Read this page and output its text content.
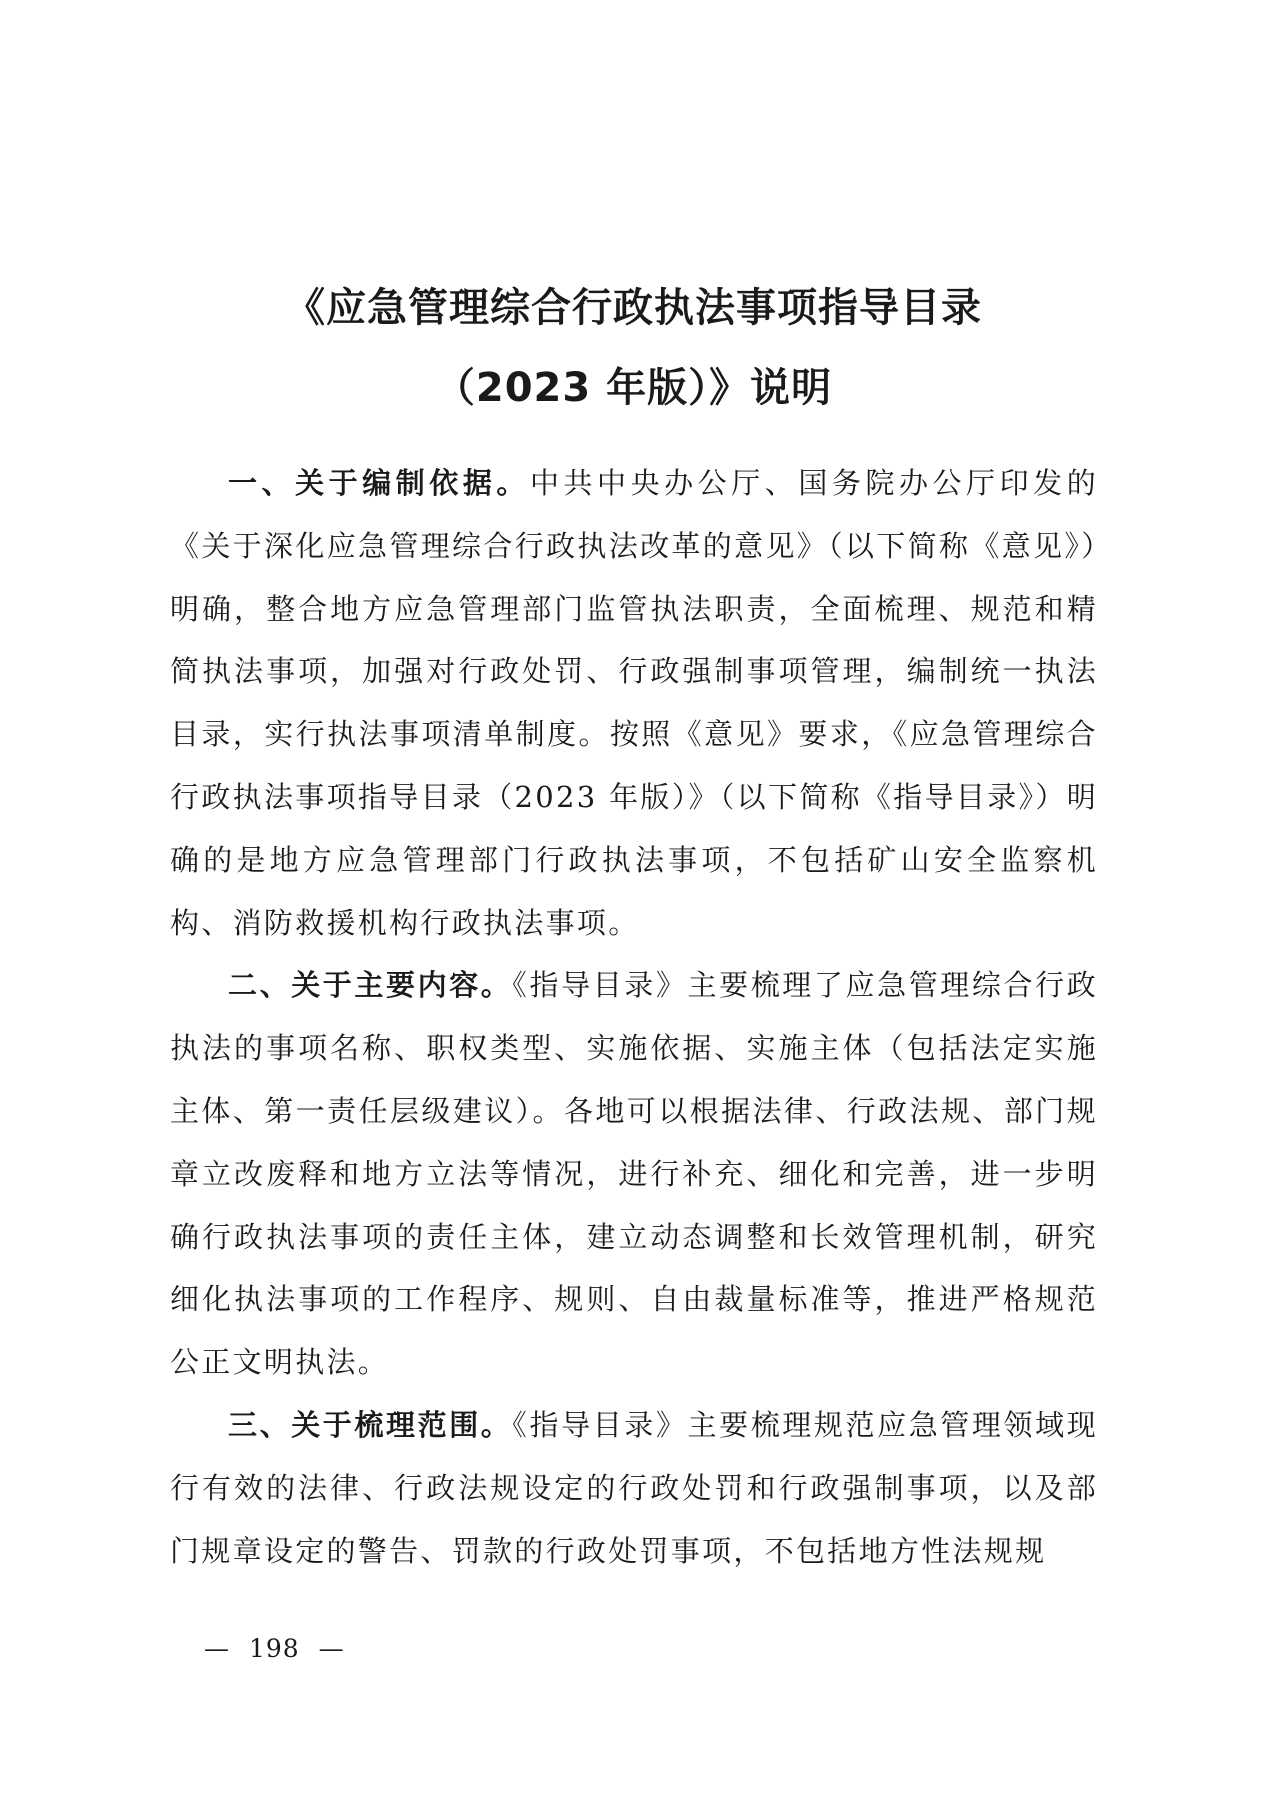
《应急管理综合行政执法事项指导目录
（2023 年版）》说明

一、关于编制依据。中共中央办公厅、国务院办公厅印发的《关于深化应急管理综合行政执法改革的意见》（以下简称《意见》）明确，整合地方应急管理部门监管执法职责，全面梳理、规范和精简执法事项，加强对行政处罚、行政强制事项管理，编制统一执法目录，实行执法事项清单制度。按照《意见》要求，《应急管理综合行政执法事项指导目录（2023 年版）》（以下简称《指导目录》）明确的是地方应急管理部门行政执法事项，不包括矿山安全监察机构、消防救援机构行政执法事项。

二、关于主要内容。《指导目录》主要梳理了应急管理综合行政执法的事项名称、职权类型、实施依据、实施主体（包括法定实施主体、第一责任层级建议）。各地可以根据法律、行政法规、部门规章立改废释和地方立法等情况，进行补充、细化和完善，进一步明确行政执法事项的责任主体，建立动态调整和长效管理机制，研究细化执法事项的工作程序、规则、自由裁量标准等，推进严格规范公正文明执法。

三、关于梳理范围。《指导目录》主要梳理规范应急管理领域现行有效的法律、行政法规设定的行政处罚和行政强制事项，以及部门规章设定的警告、罚款的行政处罚事项，不包括地方性法规规

— 198 —
